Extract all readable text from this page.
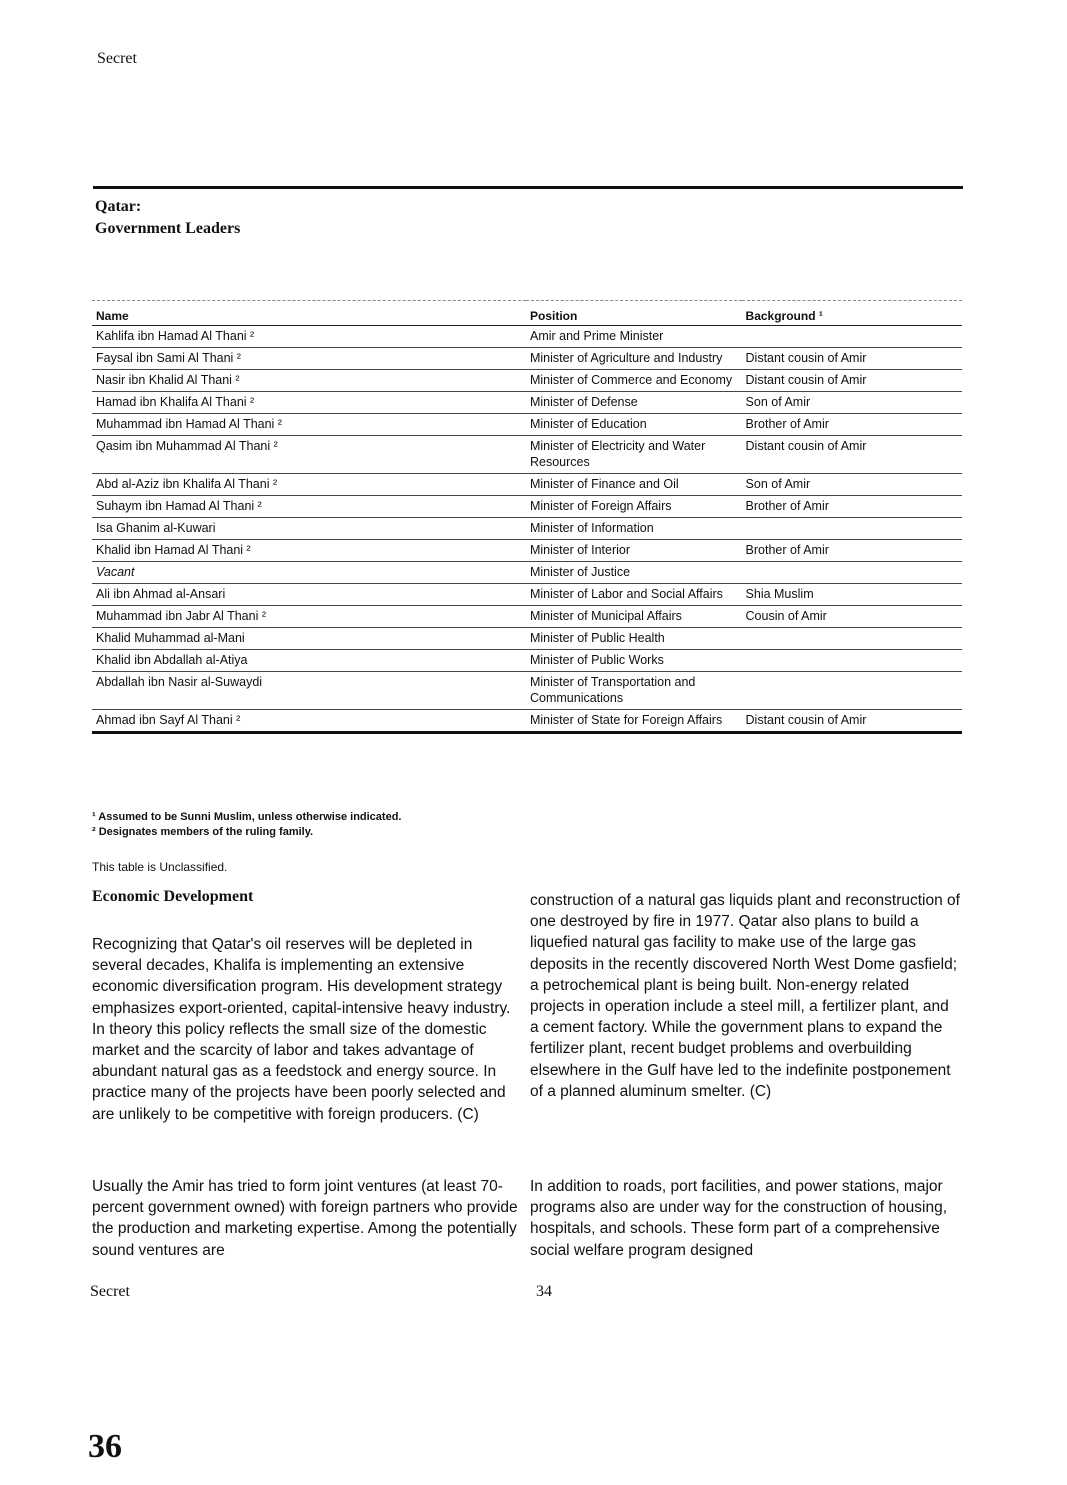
Secret
Qatar:
Government Leaders
Name	Position	Background ¹
Kahlifa ibn Hamad Al Thani ²	Amir and Prime Minister	
Faysal ibn Sami Al Thani ²	Minister of Agriculture and Industry	Distant cousin of Amir
Nasir ibn Khalid Al Thani ²	Minister of Commerce and Economy	Distant cousin of Amir
Hamad ibn Khalifa Al Thani ²	Minister of Defense	Son of Amir
Muhammad ibn Hamad Al Thani ²	Minister of Education	Brother of Amir
Qasim ibn Muhammad Al Thani ²	Minister of Electricity and Water Resources	Distant cousin of Amir
Abd al-Aziz ibn Khalifa Al Thani ²	Minister of Finance and Oil	Son of Amir
Suhaym ibn Hamad Al Thani ²	Minister of Foreign Affairs	Brother of Amir
Isa Ghanim al-Kuwari	Minister of Information	
Khalid ibn Hamad Al Thani ²	Minister of Interior	Brother of Amir
Vacant	Minister of Justice	
Ali ibn Ahmad al-Ansari	Minister of Labor and Social Affairs	Shia Muslim
Muhammad ibn Jabr Al Thani ²	Minister of Municipal Affairs	Cousin of Amir
Khalid Muhammad al-Mani	Minister of Public Health	
Khalid ibn Abdallah al-Atiya	Minister of Public Works	
Abdallah ibn Nasir al-Suwaydi	Minister of Transportation and Communications	
Ahmad ibn Sayf Al Thani ²	Minister of State for Foreign Affairs	Distant cousin of Amir
¹ Assumed to be Sunni Muslim, unless otherwise indicated.
² Designates members of the ruling family.
This table is Unclassified.
Economic Development

Recognizing that Qatar's oil reserves will be depleted in several decades, Khalifa is implementing an extensive economic diversification program. His development strategy emphasizes export-oriented, capital-intensive heavy industry. In theory this policy reflects the small size of the domestic market and the scarcity of labor and takes advantage of abundant natural gas as a feedstock and energy source. In practice many of the projects have been poorly selected and are unlikely to be competitive with foreign producers. (C)

Usually the Amir has tried to form joint ventures (at least 70-percent government owned) with foreign partners who provide the production and marketing expertise. Among the potentially sound ventures are

construction of a natural gas liquids plant and reconstruction of one destroyed by fire in 1977. Qatar also plans to build a liquefied natural gas facility to make use of the large gas deposits in the recently discovered North West Dome gasfield; a petrochemical plant is being built. Non-energy related projects in operation include a steel mill, a fertilizer plant, and a cement factory. While the government plans to expand the fertilizer plant, recent budget problems and overbuilding elsewhere in the Gulf have led to the indefinite postponement of a planned aluminum smelter. (C)

In addition to roads, port facilities, and power stations, major programs also are under way for the construction of housing, hospitals, and schools. These form part of a comprehensive social welfare program designed

Secret	34
36
